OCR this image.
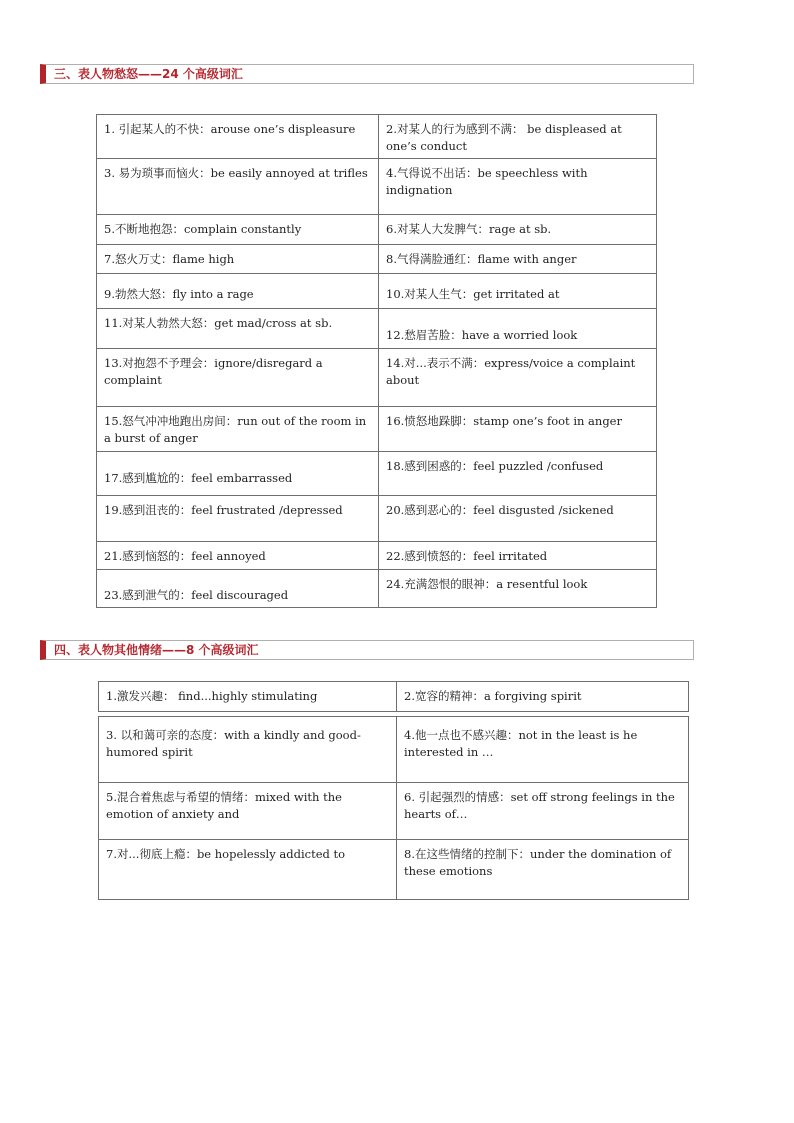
三、表人物愁怒——24 个高级词汇
1. 引起某人的不快：arouse one’s displeasure	2.对某人的行为感到不满： be displeased at one’s conduct
3. 易为琐事而恼火：be easily annoyed at trifles	4.气得说不出话：be speechless with indignation
5.不断地抱怨：complain constantly	6.对某人大发脾气：rage at sb.
7.怒火万丈：flame high	8.气得满脸通红：flame with anger
9.勃然大怒：fly into a rage	10.对某人生气：get irritated at
11.对某人勃然大怒：get mad/cross at sb.	12.愁眉苦脸：have a worried look
13.对抱怨不予理会：ignore/disregard a complaint	14.对...表示不满：express/voice a complaint about
15.怒气冲冲地跑出房间：run out of the room in a burst of anger	16.愤怒地跺脚：stamp one’s foot in anger
17.感到尴尬的：feel embarrassed	18.感到困惑的：feel puzzled /confused
19.感到沮丧的：feel frustrated /depressed	20.感到恶心的：feel disgusted /sickened
21.感到恼怒的：feel annoyed	22.感到愤怒的：feel irritated
23.感到泄气的：feel discouraged	24.充满怨恨的眼神：a resentful look
四、表人物其他情绪——8 个高级词汇
1.激发兴趣： find...highly stimulating	2.宽容的精神：a forgiving spirit
3. 以和蔼可亲的态度：with a kindly and good-humored spirit	4.他一点也不感兴趣：not in the least is he interested in …
5.混合着焦虑与希望的情绪：mixed with the emotion of anxiety and	6. 引起强烈的情感：set off strong feelings in the hearts of…
7.对...彻底上瘾：be hopelessly addicted to	8.在这些情绪的控制下：under the domination of these emotions
